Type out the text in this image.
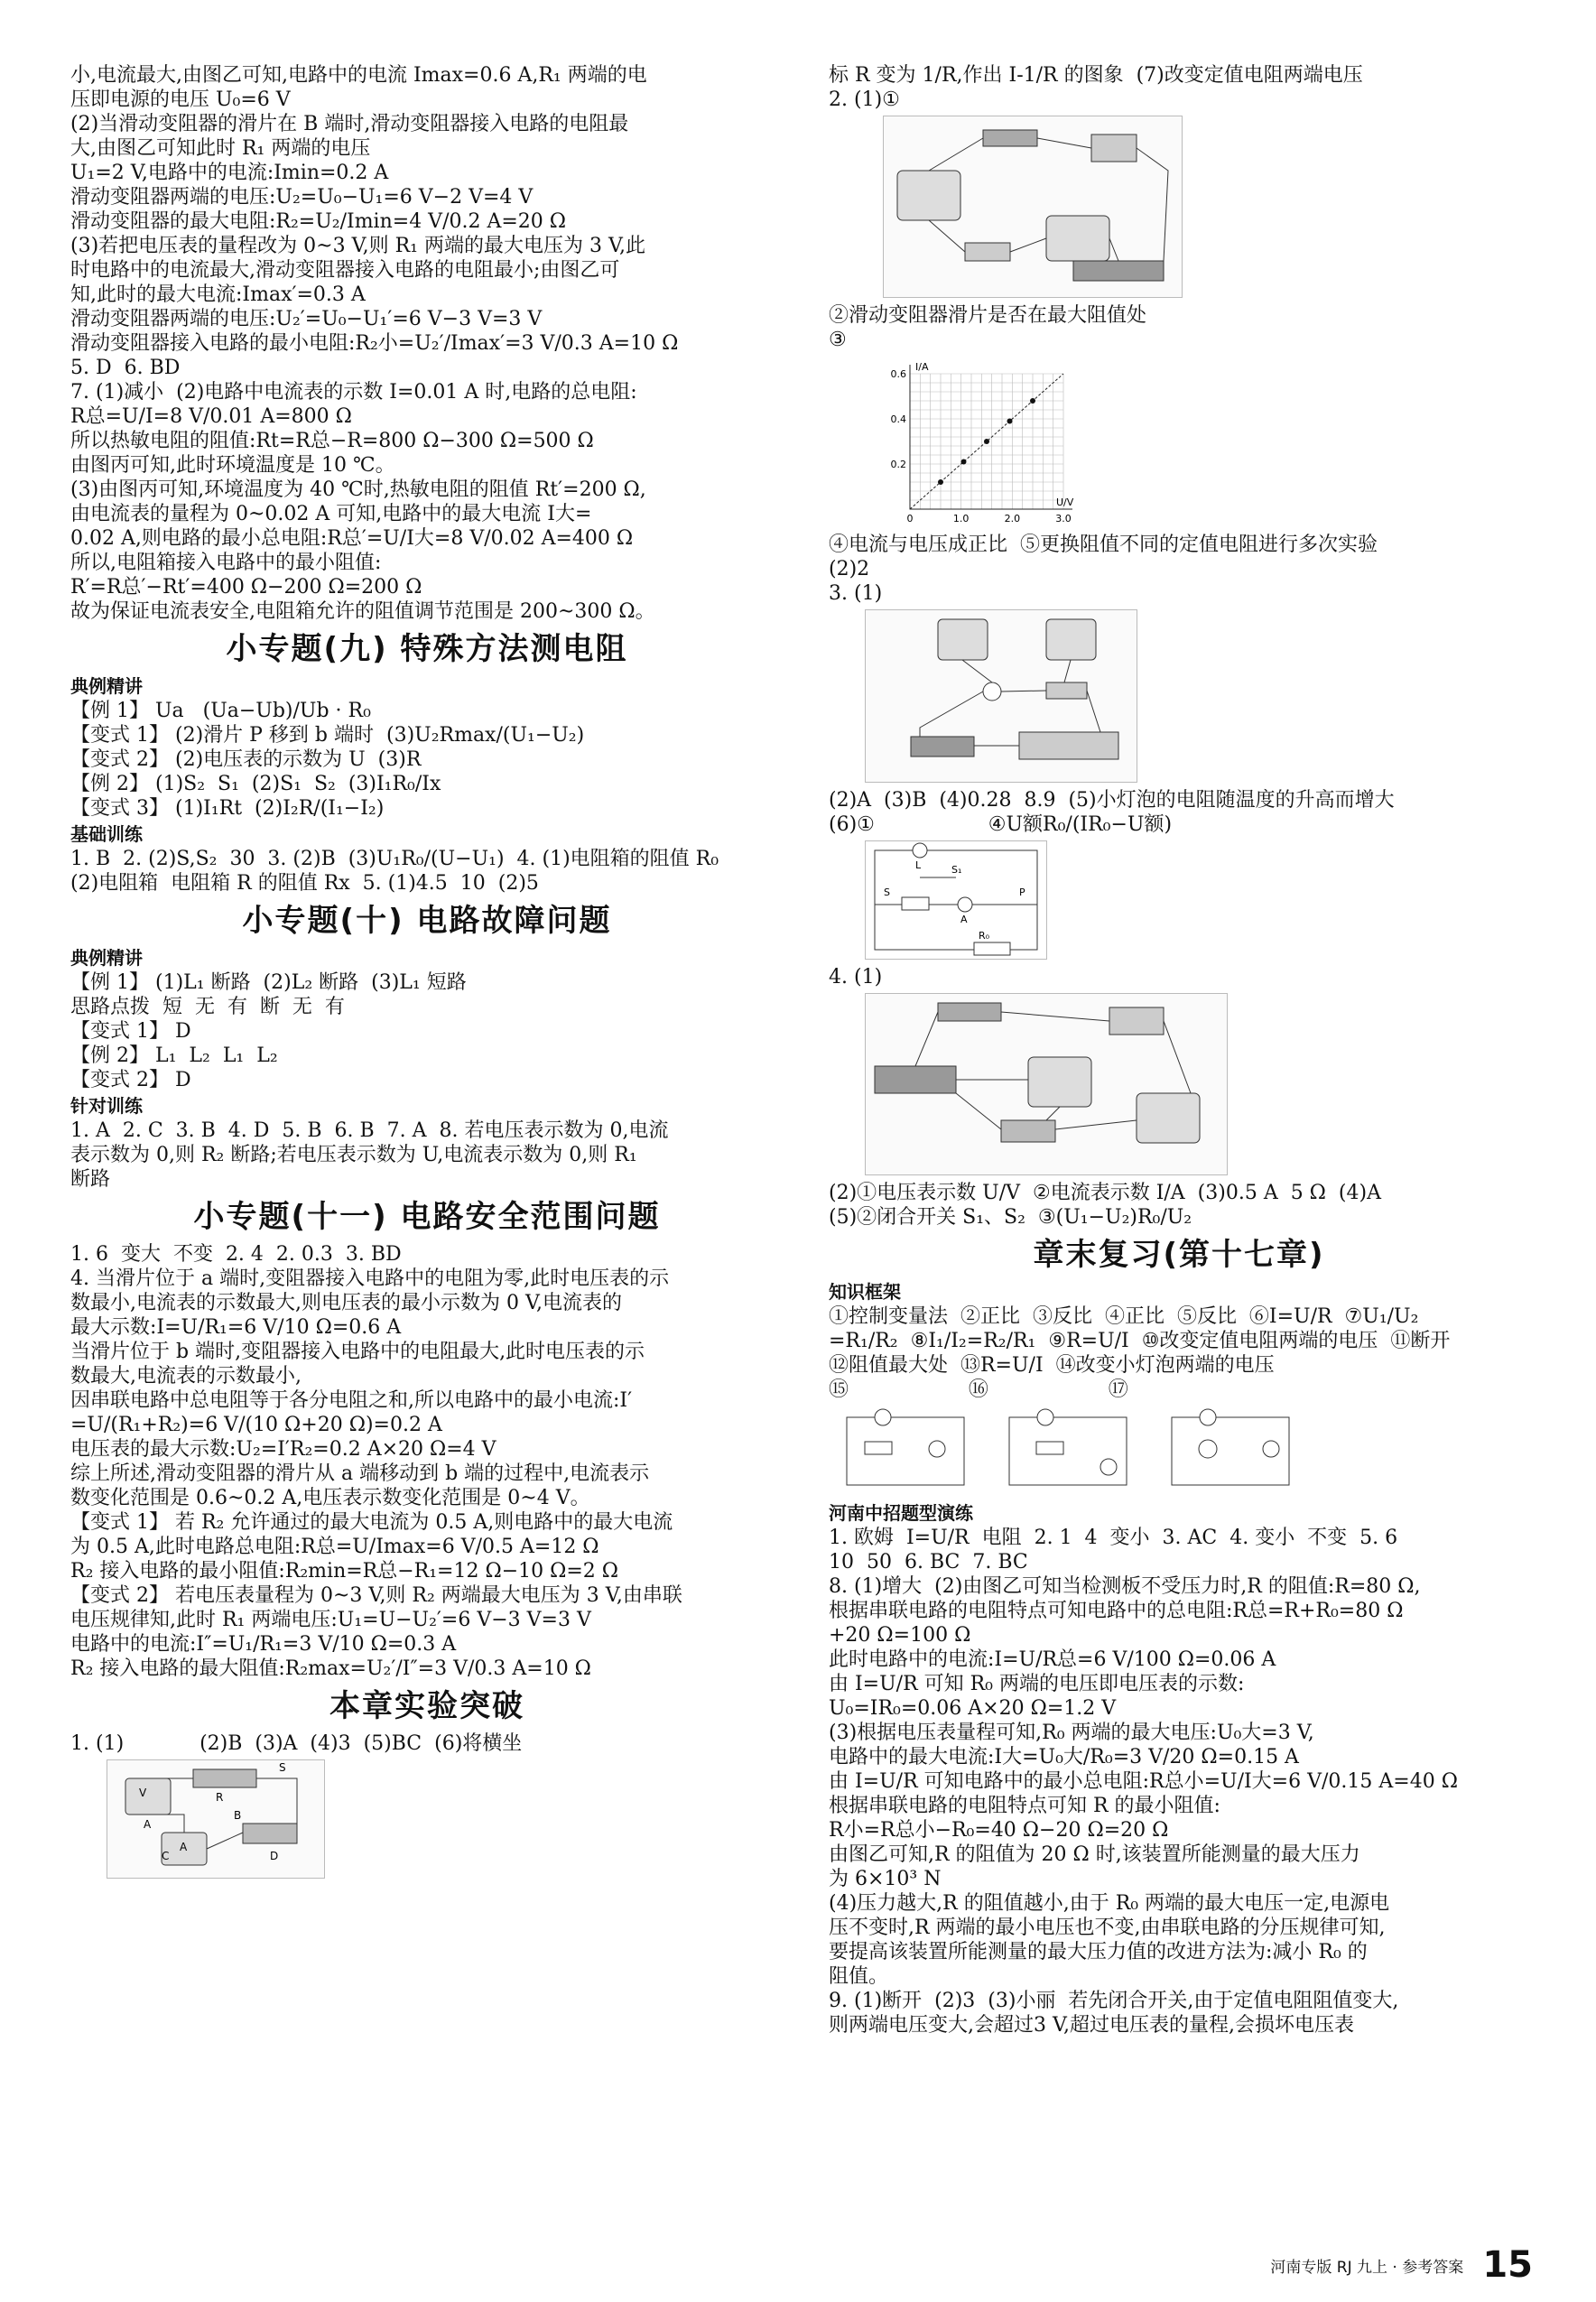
小,电流最大,由图乙可知,电路中的电流 Imax=0.6 A,R₁ 两端的电
压即电源的电压 U₀=6 V
(2)当滑动变阻器的滑片在 B 端时,滑动变阻器接入电路的电阻最
大,由图乙可知此时 R₁ 两端的电压
U₁=2 V,电路中的电流:Imin=0.2 A
滑动变阻器两端的电压:U₂=U₀−U₁=6 V−2 V=4 V
滑动变阻器的最大电阻:R₂=U₂/Imin=4 V/0.2 A=20 Ω
(3)若把电压表的量程改为 0~3 V,则 R₁ 两端的最大电压为 3 V,此
时电路中的电流最大,滑动变阻器接入电路的电阻最小;由图乙可
知,此时的最大电流:Imax′=0.3 A
滑动变阻器两端的电压:U₂′=U₀−U₁′=6 V−3 V=3 V
滑动变阻器接入电路的最小电阻:R₂小=U₂′/Imax′=3 V/0.3 A=10 Ω
5. D  6. BD
7. (1)减小  (2)电路中电流表的示数 I=0.01 A 时,电路的总电阻:
R总=U/I=8 V/0.01 A=800 Ω
所以热敏电阻的阻值:Rt=R总−R=800 Ω−300 Ω=500 Ω
由图丙可知,此时环境温度是 10 ℃。
(3)由图丙可知,环境温度为 40 ℃时,热敏电阻的阻值 Rt′=200 Ω,
由电流表的量程为 0~0.02 A 可知,电路中的最大电流 I大=
0.02 A,则电路的最小总电阻:R总′=U/I大=8 V/0.02 A=400 Ω
所以,电阻箱接入电路中的最小阻值:
R′=R总′−Rt′=400 Ω−200 Ω=200 Ω
故为保证电流表安全,电阻箱允许的阻值调节范围是 200~300 Ω。
小专题(九) 特殊方法测电阻
典例精讲
【例 1】 Ua   (Ua−Ub)/Ub · R₀
【变式 1】 (2)滑片 P 移到 b 端时  (3)U₂Rmax/(U₁−U₂)
【变式 2】 (2)电压表的示数为 U  (3)R
【例 2】 (1)S₂  S₁  (2)S₁  S₂  (3)I₁R₀/Ix
【变式 3】 (1)I₁Rt  (2)I₂R/(I₁−I₂)
基础训练
1. B  2. (2)S,S₂  30  3. (2)B  (3)U₁R₀/(U−U₁)  4. (1)电阻箱的阻值 R₀
(2)电阻箱  电阻箱 R 的阻值 Rx  5. (1)4.5  10  (2)5
小专题(十) 电路故障问题
典例精讲
【例 1】 (1)L₁ 断路  (2)L₂ 断路  (3)L₁ 短路
思路点拨  短  无  有  断  无  有
【变式 1】 D
【例 2】 L₁  L₂  L₁  L₂
【变式 2】 D
针对训练
1. A  2. C  3. B  4. D  5. B  6. B  7. A  8. 若电压表示数为 0,电流
表示数为 0,则 R₂ 断路;若电压表示数为 U,电流表示数为 0,则 R₁
断路
小专题(十一) 电路安全范围问题
1. 6  变大  不变  2. 4  2. 0.3  3. BD
4. 当滑片位于 a 端时,变阻器接入电路中的电阻为零,此时电压表的示
数最小,电流表的示数最大,则电压表的最小示数为 0 V,电流表的
最大示数:I=U/R₁=6 V/10 Ω=0.6 A
当滑片位于 b 端时,变阻器接入电路中的电阻最大,此时电压表的示
数最大,电流表的示数最小,
因串联电路中总电阻等于各分电阻之和,所以电路中的最小电流:I′
=U/(R₁+R₂)=6 V/(10 Ω+20 Ω)=0.2 A
电压表的最大示数:U₂=I′R₂=0.2 A×20 Ω=4 V
综上所述,滑动变阻器的滑片从 a 端移动到 b 端的过程中,电流表示
数变化范围是 0.6~0.2 A,电压表示数变化范围是 0~4 V。
【变式 1】 若 R₂ 允许通过的最大电流为 0.5 A,则电路中的最大电流
为 0.5 A,此时电路总电阻:R总=U/Imax=6 V/0.5 A=12 Ω
R₂ 接入电路的最小阻值:R₂min=R总−R₁=12 Ω−10 Ω=2 Ω
【变式 2】 若电压表量程为 0~3 V,则 R₂ 两端最大电压为 3 V,由串联
电压规律知,此时 R₁ 两端电压:U₁=U−U₂′=6 V−3 V=3 V
电路中的电流:I″=U₁/R₁=3 V/10 Ω=0.3 A
R₂ 接入电路的最大阻值:R₂max=U₂′/I″=3 V/0.3 A=10 Ω
本章实验突破
1. (1)            (2)B  (3)A  (4)3  (5)BC  (6)将横坐
S R AB C	DVA
标 R 变为 1/R,作出 I-1/R 的图象  (7)改变定值电阻两端电压
2. (1)①
②滑动变阻器滑片是否在最大阻值处
③
I/A
U/V
0.6
0.4
0.2
0	1.0	2.0	3.0
④电流与电压成正比  ⑤更换阻值不同的定值电阻进行多次实验
(2)2
3. (1)
(2)A  (3)B  (4)0.28  8.9  (5)小灯泡的电阻随温度的升高而增大
(6)①                  ④U额R₀/(IR₀−U额)
L	S₁ SR₀AP
4. (1)
(2)①电压表示数 U/V  ②电流表示数 I/A  (3)0.5 A  5 Ω  (4)A
(5)②闭合开关 S₁、S₂  ③(U₁−U₂)R₀/U₂
章末复习(第十七章)
知识框架
①控制变量法  ②正比  ③反比  ④正比  ⑤反比  ⑥I=U/R  ⑦U₁/U₂
=R₁/R₂  ⑧I₁/I₂=R₂/R₁  ⑨R=U/I  ⑩改变定值电阻两端的电压  ⑪断开
⑫阻值最大处  ⑬R=U/I  ⑭改变小灯泡两端的电压
⑮                   ⑯                   ⑰
河南中招题型演练
1. 欧姆  I=U/R  电阻  2. 1  4  变小  3. AC  4. 变小  不变  5. 6
10  50  6. BC  7. BC
8. (1)增大  (2)由图乙可知当检测板不受压力时,R 的阻值:R=80 Ω,
根据串联电路的电阻特点可知电路中的总电阻:R总=R+R₀=80 Ω
+20 Ω=100 Ω
此时电路中的电流:I=U/R总=6 V/100 Ω=0.06 A
由 I=U/R 可知 R₀ 两端的电压即电压表的示数:
U₀=IR₀=0.06 A×20 Ω=1.2 V
(3)根据电压表量程可知,R₀ 两端的最大电压:U₀大=3 V,
电路中的最大电流:I大=U₀大/R₀=3 V/20 Ω=0.15 A
由 I=U/R 可知电路中的最小总电阻:R总小=U/I大=6 V/0.15 A=40 Ω
根据串联电路的电阻特点可知 R 的最小阻值:
R小=R总小−R₀=40 Ω−20 Ω=20 Ω
由图乙可知,R 的阻值为 20 Ω 时,该装置所能测量的最大压力
为 6×10³ N
(4)压力越大,R 的阻值越小,由于 R₀ 两端的最大电压一定,电源电
压不变时,R 两端的最小电压也不变,由串联电路的分压规律可知,
要提高该装置所能测量的最大压力值的改进方法为:减小 R₀ 的
阻值。
9. (1)断开  (2)3  (3)小丽  若先闭合开关,由于定值电阻阻值变大,
则两端电压变大,会超过3 V,超过电压表的量程,会损坏电压表
河南专版 RJ 九上 · 参考答案 15
